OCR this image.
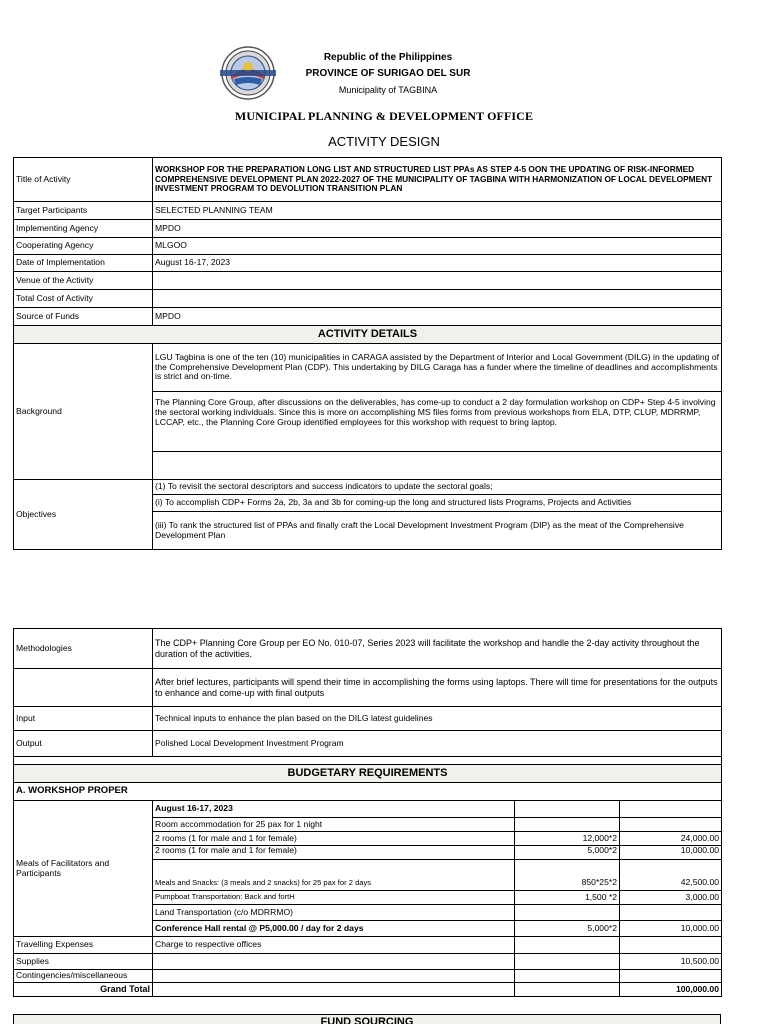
Republic of the Philippines
PROVINCE OF SURIGAO DEL SUR
Municipality of TAGBINA
MUNICIPAL PLANNING & DEVELOPMENT OFFICE
ACTIVITY DESIGN
Title of Activity	WORKSHOP FOR THE PREPARATION LONG LIST AND STRUCTURED LIST PPAs AS STEP 4-5 OON THE UPDATING OF RISK-INFORMED COMPREHENSIVE DEVELOPMENT PLAN 2022-2027 OF THE MUNICIPALITY OF TAGBINA WITH HARMONIZATION OF LOCAL DEVELOPMENT INVESTMENT PROGRAM TO DEVOLUTION TRANSITION PLAN
Target Participants	SELECTED PLANNING TEAM
Implementing Agency	MPDO
Cooperating Agency	MLGOO
Date of Implementation	August 16-17, 2023
Venue of the Activity	
Total Cost of Activity	
Source of Funds	MPDO
ACTIVITY DETAILS	
Background	LGU Tagbina is one of the ten (10) municipalities in CARAGA assisted by the Department of Interior and Local Government (DILG) in the updating of the Comprehensive Development Plan (CDP). This undertaking by DILG Caraga has a funder where the timeline of deadlines and accomplishments is strict and on-time.
	The Planning Core Group, after discussions on the deliverables, has come-up to conduct a 2 day formulation workshop on CDP+ Step 4-5 involving the sectoral working individuals. Since this is more on accomplishing MS files forms from previous workshops from ELA, DTP, CLUP, MDRRMP, LCCAP, etc., the Planning Core Group identified employees for this workshop with request to bring laptop.

Objectives	(1) To revisit the sectoral descriptors and success indicators to update the sectoral goals;
	(i) To accomplish CDP+ Forms 2a, 2b, 3a and 3b for coming-up the long and structured lists Programs, Projects and Activities
	(iii) To rank the structured list of PPAs and finally craft the Local Development Investment Program (DIP) as the meat of the Comprehensive Development Plan
Methodologies	The CDP+ Planning Core Group per EO No. 010-07, Series 2023 will facilitate the workshop and handle the 2-day activity throughout the duration of the activities.		
	After brief lectures, participants will spend their time in accomplishing the forms using laptops. There will time for presentations for the outputs to enhance and come-up with final outputs		
Input	Technical inputs to enhance the plan based on the DILG latest guidelines		
Output	Polished Local Development Investment Program		

BUDGETARY REQUIREMENTS			
A. WORKSHOP PROPER			
Meals of Facilitators and Participants	August 16-17, 2023		
	Room accommodation for 25 pax for 1 night		
	2 rooms (1 for male and 1 for female)	12,000*2	24,000.00
	2 rooms (1 for male and 1 for female)	5,000*2	10,000.00
	Meals and Snacks: (3 meals and 2 snacks) for 25 pax for 2 days	850*25*2	42,500.00
	Pumpboat Transportation: Back and fortH	1,500 *2	3,000.00
	Land Transportation (c/o MDRRMO)		
	Conference Hall rental @ P5,000.00 / day for 2 days	5,000*2	10,000.00
Travelling Expenses	Charge to respective offices		
Supplies			10,500.00
Contingencies/miscellaneous			
Grand Total			100,000.00
FUND SOURCING
